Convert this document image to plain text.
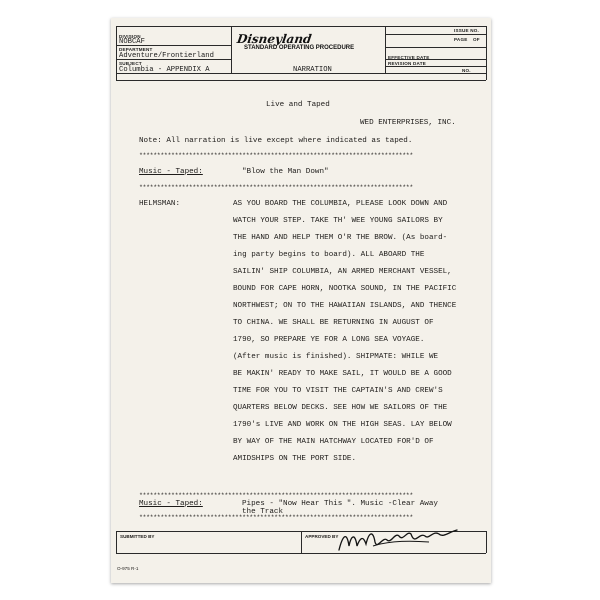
DIVISION
NOBCAF
DEPARTMENT
Adventure/Frontierland
SUBJECT
Columbia - APPENDIX A
Disneyland
STANDARD OPERATING PROCEDURE
NARRATION
ISSUE NO.
PAGE OF
EFFECTIVE DATE
REVISION DATE
NO.
Live and Taped
WED ENTERPRISES, INC.
Note: All narration is live except where indicated as taped.
*****************************************************************************
Music - Taped:	"Blow the Man Down"
*****************************************************************************
HELMSMAN:	AS YOU BOARD THE COLUMBIA, PLEASE LOOK DOWN AND
WATCH YOUR STEP. TAKE TH' WEE YOUNG SAILORS BY
THE HAND AND HELP THEM O'R THE BROW. (As board-
ing party begins to board). ALL ABOARD THE
SAILIN' SHIP COLUMBIA, AN ARMED MERCHANT VESSEL,
BOUND FOR CAPE HORN, NOOTKA SOUND, IN THE PACIFIC
NORTHWEST; ON TO THE HAWAIIAN ISLANDS, AND THENCE
TO CHINA. WE SHALL BE RETURNING IN AUGUST OF
1790, SO PREPARE YE FOR A LONG SEA VOYAGE.
(After music is finished). SHIPMATE: WHILE WE
BE MAKIN' READY TO MAKE SAIL, IT WOULD BE A GOOD
TIME FOR YOU TO VISIT THE CAPTAIN'S AND CREW'S
QUARTERS BELOW DECKS. SEE HOW WE SAILORS OF THE
1790's LIVE AND WORK ON THE HIGH SEAS. LAY BELOW
BY WAY OF THE MAIN HATCHWAY LOCATED FOR'D OF
AMIDSHIPS ON THE PORT SIDE.
*****************************************************************************
Music - Taped:	Pipes - "Now Hear This ". Music -Clear Away
the Track
*****************************************************************************
SUBMITTED BY	APPROVED BY
O-975 R-1
